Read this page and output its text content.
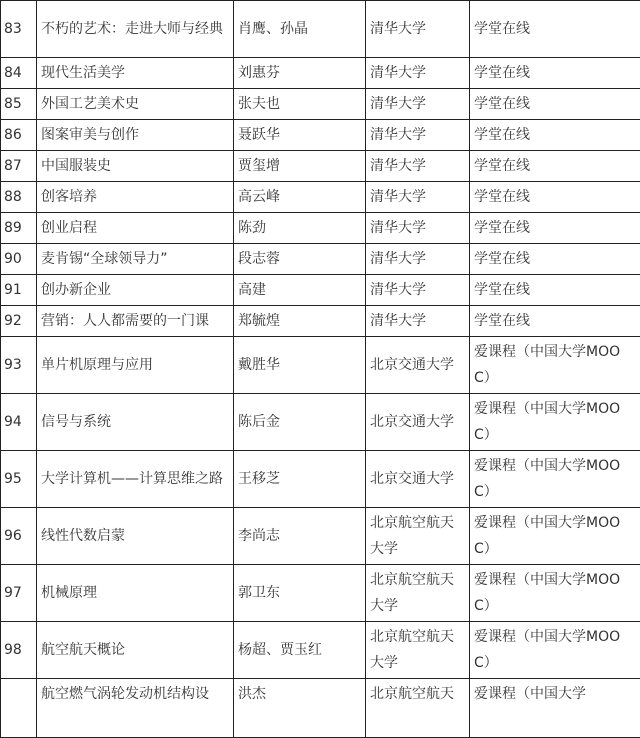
83	不朽的艺术：走进大师与经典	肖鹰、孙晶	清华大学	学堂在线
84	现代生活美学	刘惠芬	清华大学	学堂在线
85	外国工艺美术史	张夫也	清华大学	学堂在线
86	图案审美与创作	聂跃华	清华大学	学堂在线
87	中国服装史	贾玺增	清华大学	学堂在线
88	创客培养	高云峰	清华大学	学堂在线
89	创业启程	陈劲	清华大学	学堂在线
90	麦肯锡“全球领导力”	段志蓉	清华大学	学堂在线
91	创办新企业	高建	清华大学	学堂在线
92	营销：人人都需要的一门课	郑毓煌	清华大学	学堂在线
93	单片机原理与应用	戴胜华	北京交通大学	爱课程（中国大学MOOC）
94	信号与系统	陈后金	北京交通大学	爱课程（中国大学MOOC）
95	大学计算机——计算思维之路	王移芝	北京交通大学	爱课程（中国大学MOOC）
96	线性代数启蒙	李尚志	北京航空航天大学	爱课程（中国大学MOOC）
97	机械原理	郭卫东	北京航空航天大学	爱课程（中国大学MOOC）
98	航空航天概论	杨超、贾玉红	北京航空航天大学	爱课程（中国大学MOOC）
	航空燃气涡轮发动机结构设	洪杰	北京航空航天	爱课程（中国大学
